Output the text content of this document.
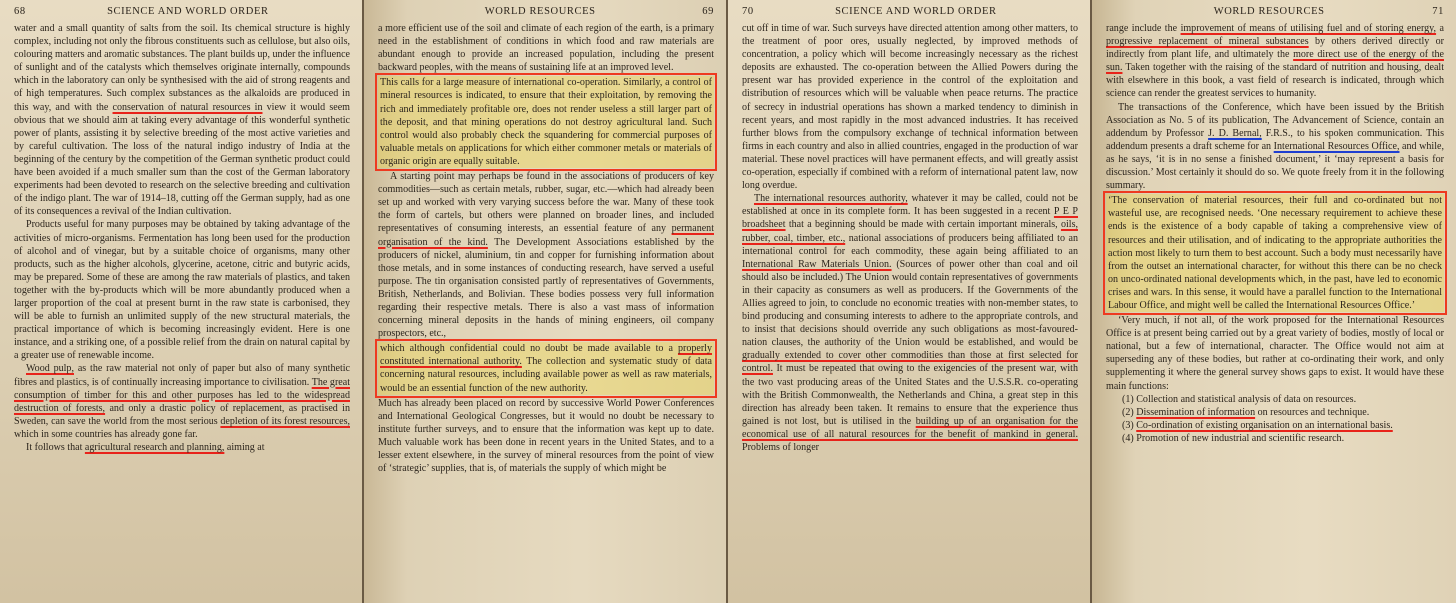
68	SCIENCE AND WORLD ORDER

water and a small quantity of salts from the soil. Its chemical structure is highly complex, including not only the fibrous constituents such as cellulose, but also oils, colouring matters and aromatic substances. The plant builds up, under the influence of sunlight and of the catalysts which themselves originate internally, compounds which in the laboratory can only be synthesised with the aid of strong reagents and of high temperatures. Such complex substances as the alkaloids are produced in this way, and with the conservation of natural resources in view it would seem obvious that we should aim at taking every advantage of this wonderful synthetic power of plants, assisting it by selective breeding of the most active varieties and by careful cultivation. The loss of the natural indigo industry of India at the beginning of the century by the competition of the German synthetic product could have been avoided if a much smaller sum than the cost of the German laboratory experiments had been devoted to research on the selective breeding and cultivation of the indigo plant. The war of 1914–18, cutting off the German supply, had as one of its consequences a revival of the Indian cultivation.

Products useful for many purposes may be obtained by taking advantage of the activities of micro-organisms. Fermentation has long been used for the production of alcohol and of vinegar, but by a suitable choice of organisms, many other products, such as the higher alcohols, glycerine, acetone, citric and butyric acids, may be prepared. Some of these are among the raw materials of plastics, and taken together with the by-products which will be more abundantly produced when a larger proportion of the coal at present burnt in the raw state is carbonised, they will be able to furnish an unlimited supply of the new structural materials, the practical importance of which is becoming increasingly evident. Here is one instance, and a striking one, of a possible relief from the drain on natural capital by a greater use of renewable income.

Wood pulp, as the raw material not only of paper but also of many synthetic fibres and plastics, is of continually increasing importance to civilisation. The great consumption of timber for this and other purposes has led to the widespread destruction of forests, and only a drastic policy of replacement, as practised in Sweden, can save the world from the most serious depletion of its forest resources, which in some countries has already gone far.

It follows that agricultural research and planning, aiming at

WORLD RESOURCES	69

a more efficient use of the soil and climate of each region of the earth, is a primary need in the establishment of conditions in which food and raw materials are abundant enough to provide an increased population, including the present backward peoples, with the means of sustaining life at an improved level.

This calls for a large measure of international co-operation. Similarly, a control of mineral resources is indicated, to ensure that their exploitation, by removing the rich and immediately profitable ore, does not render useless a still larger part of the deposit, and that mining operations do not destroy agricultural land. Such control would also probably check the squandering for commercial purposes of valuable metals on applications for which either commoner metals or materials of organic origin are equally suitable.

A starting point may perhaps be found in the associations of producers of key commodities—such as certain metals, rubber, sugar, etc.—which had already been set up and worked with very varying success before the war. Many of these took the form of cartels, but others were planned on broader lines, and included representatives of consuming interests, an essential feature of any permanent organisation of the kind. The Development Associations established by the producers of nickel, aluminium, tin and copper for furnishing information about those metals, and in some instances of conducting research, have served a useful purpose. The tin organisation consisted partly of representatives of Governments, British, Netherlands, and Bolivian. These bodies possess very full information regarding their respective metals. There is also a vast mass of information concerning mineral deposits in the hands of mining engineers, oil company prospectors, etc.,

which although confidential could no doubt be made available to a properly constituted international authority. The collection and systematic study of data concerning natural resources, including available power as well as raw materials, would be an essential function of the new authority.

Much has already been placed on record by successive World Power Conferences and International Geological Congresses, but it would no doubt be necessary to institute further surveys, and to ensure that the information was kept up to date. Much valuable work has been done in recent years in the United States, and to a lesser extent elsewhere, in the survey of mineral resources from the point of view of ‘strategic’ supplies, that is, of materials the supply of which might be

70	SCIENCE AND WORLD ORDER

cut off in time of war. Such surveys have directed attention among other matters, to the treatment of poor ores, usually neglected, by improved methods of concentration, a policy which will become increasingly necessary as the richest deposits are exhausted. The co-operation between the Allied Powers during the present war has provided experience in the control of the exploitation and distribution of resources which will be valuable when peace returns. The practice of secrecy in industrial operations has shown a marked tendency to diminish in recent years, and most rapidly in the most advanced industries. It has received further blows from the compulsory exchange of technical information between firms in each country and also in allied countries, engaged in the production of war material. These novel practices will have permanent effects, and will greatly assist co-operation, especially if combined with a reform of international patent law, now long overdue.

The international resources authority, whatever it may be called, could not be established at once in its complete form. It has been suggested in a recent P E P broadsheet that a beginning should be made with certain important minerals, oils, rubber, coal, timber, etc., national associations of producers being affiliated to an international control for each commodity, these again being affiliated to an International Raw Materials Union. (Sources of power other than coal and oil should also be included.) The Union would contain representatives of governments in their capacity as consumers as well as producers. If the Governments of the Allies agreed to join, to conclude no economic treaties with non-member states, to bind producing and consuming interests to adhere to the appropriate controls, and to insist that decisions should override any such obligations as most-favoured-nation clauses, the authority of the Union would be established, and would be gradually extended to cover other commodities than those at first selected for control. It must be repeated that owing to the exigencies of the present war, with the two vast producing areas of the United States and the U.S.S.R. co-operating with the British Commonwealth, the Netherlands and China, a great step in this direction has already been taken. It remains to ensure that the experience thus gained is not lost, but is utilised in the building up of an organisation for the economical use of all natural resources for the benefit of mankind in general. Problems of longer

WORLD RESOURCES	71

range include the improvement of means of utilising fuel and of storing energy, a progressive replacement of mineral substances by others derived directly or indirectly from plant life, and ultimately the more direct use of the energy of the sun. Taken together with the raising of the standard of nutrition and housing, dealt with elsewhere in this book, a vast field of research is indicated, through which science can render the greatest services to humanity.

The transactions of the Conference, which have been issued by the British Association as No. 5 of its publication, The Advancement of Science, contain an addendum by Professor J. D. Bernal, F.R.S., to his spoken communication. This addendum presents a draft scheme for an International Resources Office, and while, as he says, ‘it is in no sense a finished document,’ it ‘may represent a basis for discussion.’ Most certainly it should do so. We quote freely from it in the following summary.

‘The conservation of material resources, their full and co-ordinated but not wasteful use, are recognised needs. ‘One necessary requirement to achieve these ends is the existence of a body capable of taking a comprehensive view of resources and their utilisation, and of indicating to the appropriate authorities the action most likely to turn them to best account. Such a body must necessarily have from the outset an international character, for without this there can be no check on unco-ordinated national developments which, in the past, have led to economic crises and wars. In this sense, it would have a parallel function to the International Labour Office, and might well be called the International Resources Office.’

‘Very much, if not all, of the work proposed for the International Resources Office is at present being carried out by a great variety of bodies, mostly of local or national, but a few of international, character. The Office would not aim at superseding any of these bodies, but rather at co-ordinating their work, and only supplementing it where the general survey shows gaps to exist. It would have these main functions:

(1) Collection and statistical analysis of data on resources.

(2) Dissemination of information on resources and technique.

(3) Co-ordination of existing organisation on an international basis.

(4) Promotion of new industrial and scientific research.
